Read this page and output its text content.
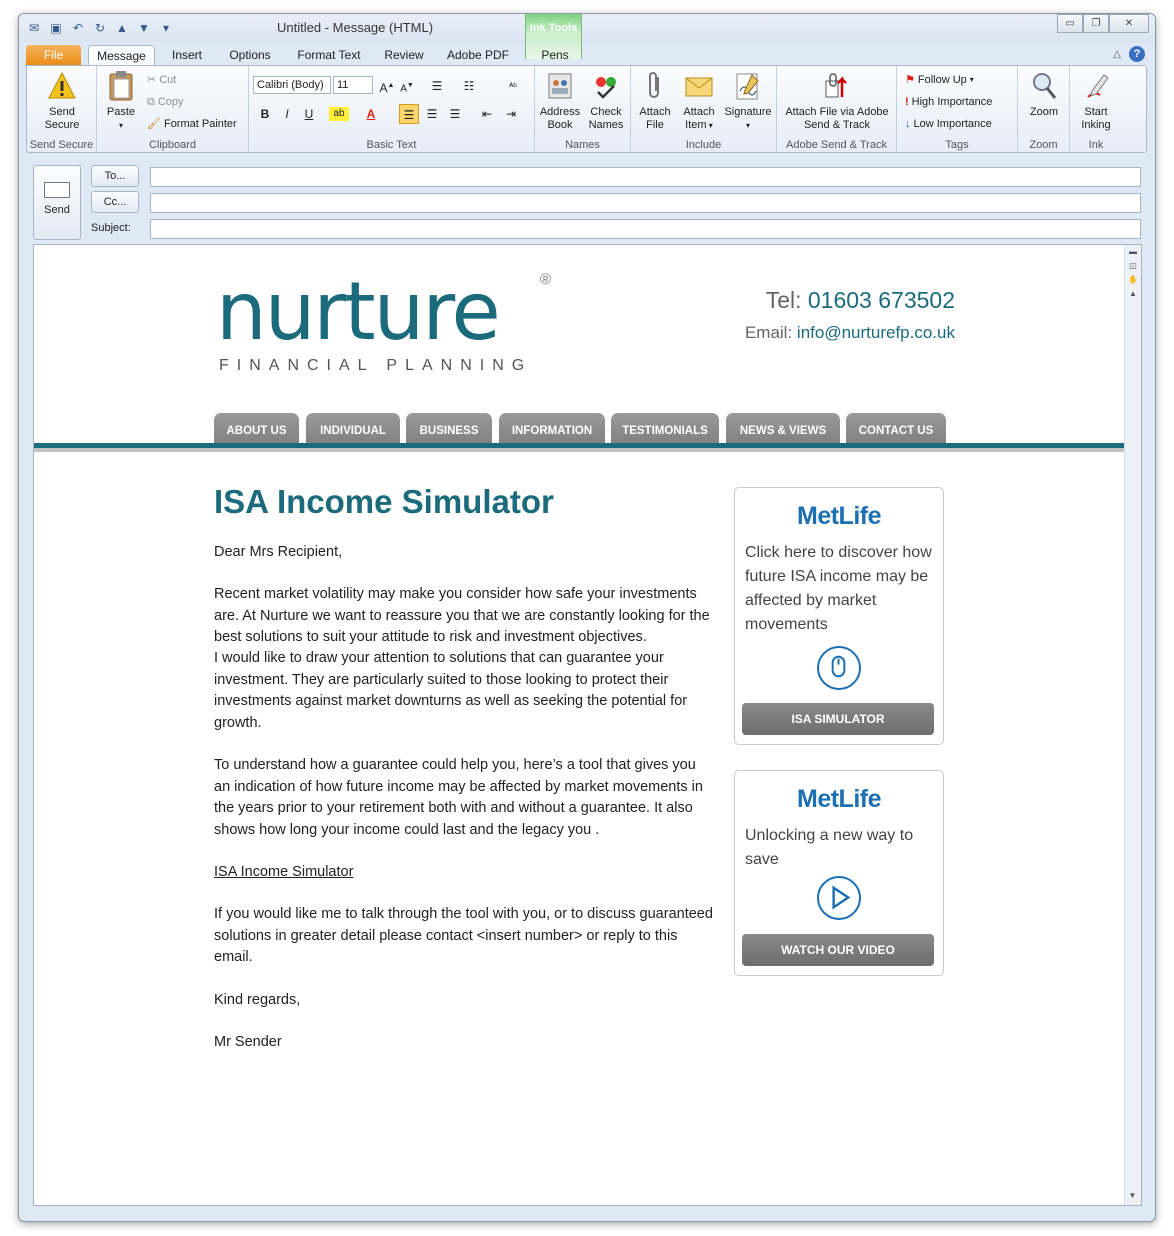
✉ ▣ ↶ ↻ ▲ ▼	▾	Untitled - Message (HTML)	▭	❐	✕
Ink Tools
File	Message	Insert	Options	Format Text Review Adobe PDF	Pens	△	?
Send Secure
Send Secure
Paste
▾
✂ Cut
⧉ Copy
🖌 Format Painter
Clipboard
Calibri (Body)	11	A▲ A▼	☰	☷	ᴬᵇ
B	I	U	ab	A	☰	☰	☰	⇤	⇥
Basic Text
Address Book
Check Names
Names
Attach File
Attach Item ▾
Signature
▾
Include
Attach File via Adobe Send & Track
Adobe Send & Track
⚑ Follow Up ▾
! High Importance
↓ Low Importance
Tags
Zoom
Zoom
Start Inking
Ink
Send
To...
Cc...
Subject:
▬
◫
✋
▲
▼
nurture	®
FINANCIAL PLANNING
Tel: 01603 673502
Email: info@nurturefp.co.uk
ABOUT US	INDIVIDUAL	BUSINESS	INFORMATION	TESTIMONIALS	NEWS & VIEWS	CONTACT US
ISA Income Simulator
Dear Mrs Recipient,
Recent market volatility may make you consider how safe your investments are. At Nurture we want to reassure you that we are constantly looking for the best solutions to suit your attitude to risk and investment objectives.
I would like to draw your attention to solutions that can guarantee your investment. They are particularly suited to those looking to protect their investments against market downturns as well as seeking the potential for growth.
To understand how a guarantee could help you, here’s a tool that gives you an indication of how future income may be affected by market movements in the years prior to your retirement both with and without a guarantee. It also shows how long your income could last and the legacy you .
ISA Income Simulator
If you would like me to talk through the tool with you, or to discuss guaranteed solutions in greater detail please contact <insert number> or reply to this email.
Kind regards,
Mr Sender
MetLife
Click here to discover how future ISA income may be affected by market movements
ISA SIMULATOR
MetLife
Unlocking a new way to save
WATCH OUR VIDEO
